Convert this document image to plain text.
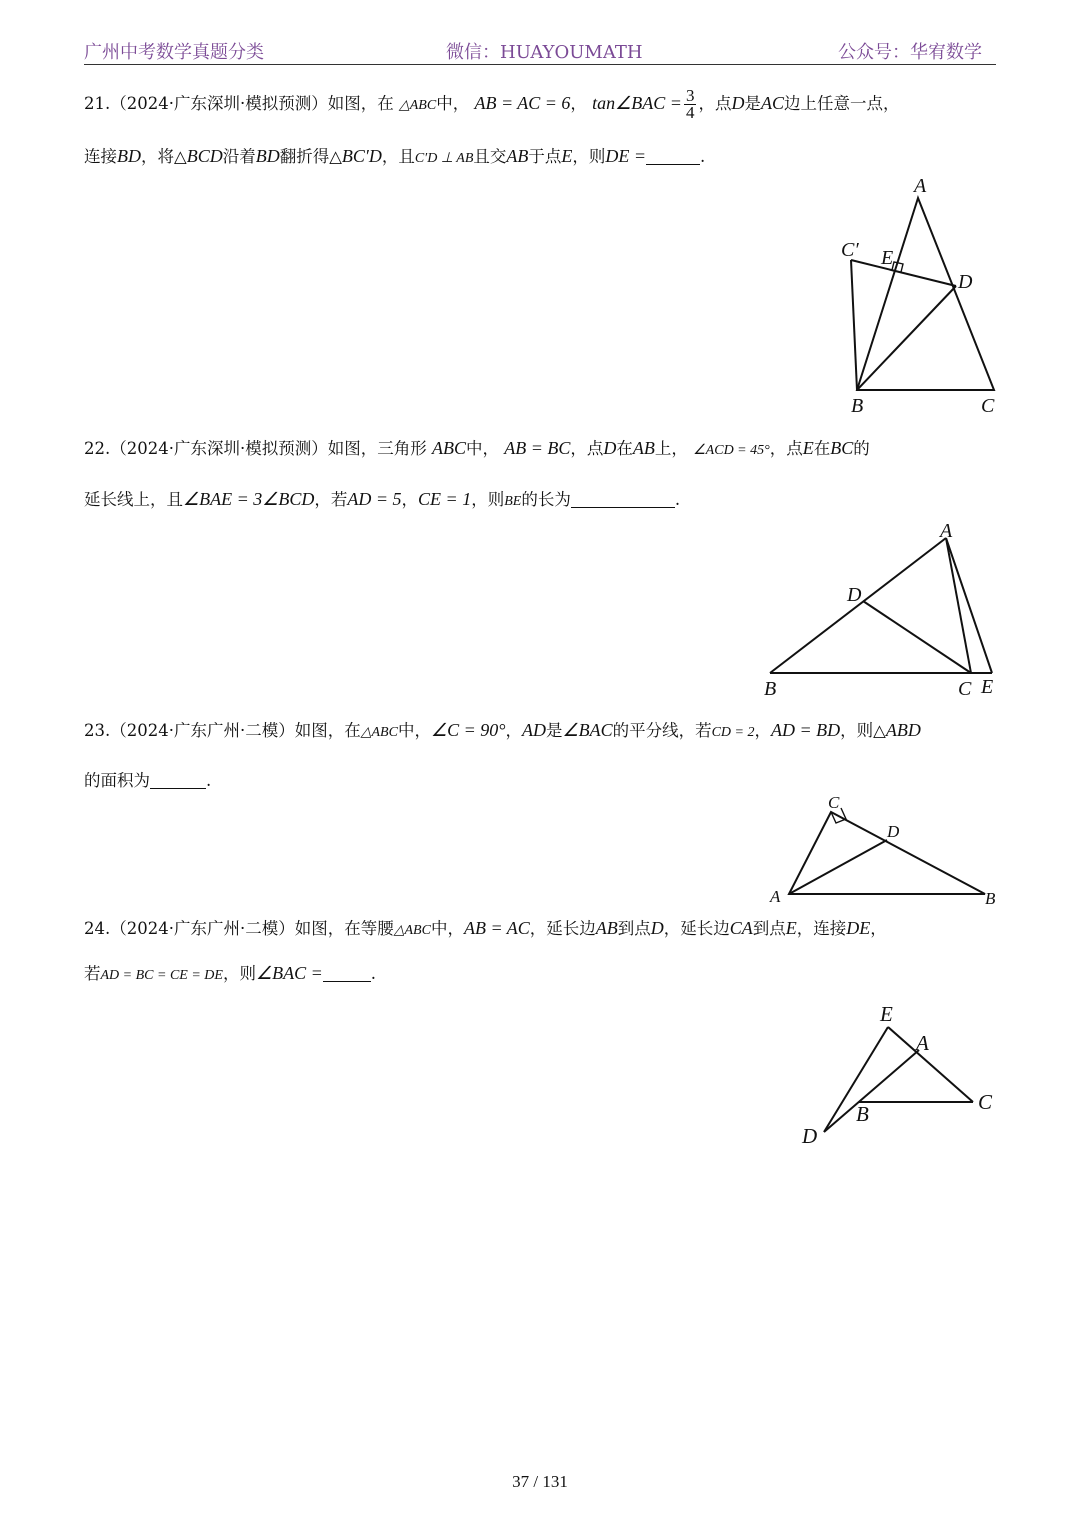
广州中考数学真题分类	微信：HUAYOUMATH	公众号：华宥数学
21.（2024·广东深圳·模拟预测）如图，在 △ABC中， AB = AC = 6， tan∠BAC = $\frac{3}{4}$ ，点D是AC边上任意一点，
连接BD，将△BCD沿着BD翻折得△BC′D，且C′D ⊥ AB且交AB于点E，则DE =	.
A
C′ E
D
B	C
22.（2024·广东深圳·模拟预测）如图，三角形 ABC中， AB = BC，点D在AB上， ∠ACD = 45°，点E在BC的
延长线上，且∠BAE = 3∠BCD，若AD = 5，CE = 1，则BE的长为	.
A
D
B	C E
23.（2024·广东广州·二模）如图，在△ABC中，∠C = 90°，AD是∠BAC的平分线，若CD = 2，AD = BD，则△ABD
的面积为	.
C
D
A	B
24.（2024·广东广州·二模）如图，在等腰△ABC中，AB = AC，延长边AB到点D，延长边CA到点E，连接DE，
若AD = BC = CE = DE，则∠BAC =	.
E
A
B	C
D
37 / 131
